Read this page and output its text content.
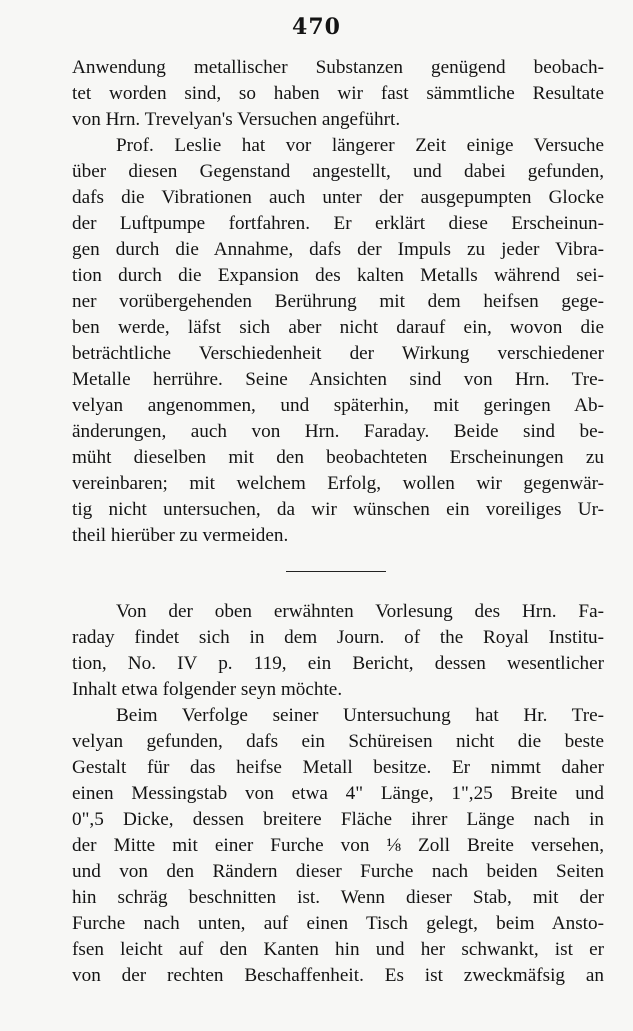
470
Anwendung metallischer Substanzen genügend beobach-
tet worden sind, so haben wir fast sämmtliche Resultate
von Hrn. Trevelyan's Versuchen angeführt.
Prof. Leslie hat vor längerer Zeit einige Versuche
über diesen Gegenstand angestellt, und dabei gefunden,
dafs die Vibrationen auch unter der ausgepumpten Glocke
der Luftpumpe fortfahren. Er erklärt diese Erscheinun-
gen durch die Annahme, dafs der Impuls zu jeder Vibra-
tion durch die Expansion des kalten Metalls während sei-
ner vorübergehenden Berührung mit dem heifsen gege-
ben werde, läfst sich aber nicht darauf ein, wovon die
beträchtliche Verschiedenheit der Wirkung verschiedener
Metalle herrühre. Seine Ansichten sind von Hrn. Tre-
velyan angenommen, und späterhin, mit geringen Ab-
änderungen, auch von Hrn. Faraday. Beide sind be-
müht dieselben mit den beobachteten Erscheinungen zu
vereinbaren; mit welchem Erfolg, wollen wir gegenwär-
tig nicht untersuchen, da wir wünschen ein voreiliges Ur-
theil hierüber zu vermeiden.
Von der oben erwähnten Vorlesung des Hrn. Fa-
raday findet sich in dem Journ. of the Royal Institu-
tion, No. IV p. 119, ein Bericht, dessen wesentlicher
Inhalt etwa folgender seyn möchte.
Beim Verfolge seiner Untersuchung hat Hr. Tre-
velyan gefunden, dafs ein Schüreisen nicht die beste
Gestalt für das heifse Metall besitze. Er nimmt daher
einen Messingstab von etwa 4" Länge, 1",25 Breite und
0",5 Dicke, dessen breitere Fläche ihrer Länge nach in
der Mitte mit einer Furche von ⅛ Zoll Breite versehen,
und von den Rändern dieser Furche nach beiden Seiten
hin schräg beschnitten ist. Wenn dieser Stab, mit der
Furche nach unten, auf einen Tisch gelegt, beim Ansto-
fsen leicht auf den Kanten hin und her schwankt, ist er
von der rechten Beschaffenheit. Es ist zweckmäfsig an
